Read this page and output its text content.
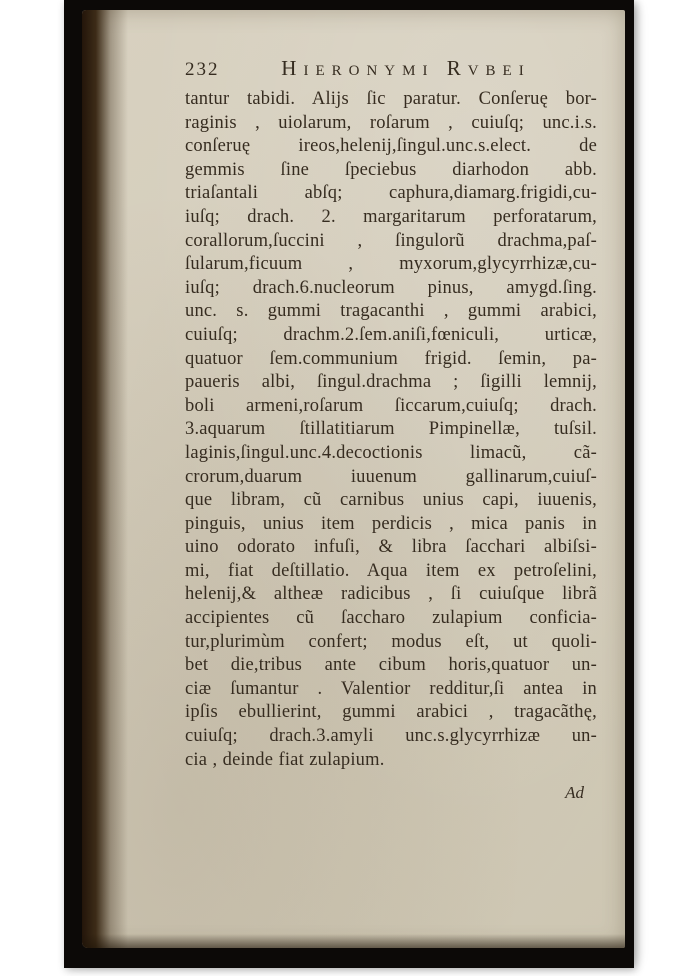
232	Hieronymi Rvbei
tantur tabidi. Alijs ſic paratur. Conſeruę bor-
raginis , uiolarum, roſarum , cuiuſq; unc.i.s.
conſeruę ireos,helenij,ſingul.unc.s.elect. de
gemmis ſine ſpeciebus diarhodon abb.
triaſantali abſq; caphura,diamarg.frigidi,cu-
iuſq; drach. 2. margaritarum perforatarum,
corallorum,ſuccini , ſingulorũ drachma,paſ-
ſularum,ficuum , myxorum,glycyrrhizæ,cu-
iuſq; drach.6.nucleorum pinus, amygd.ſing.
unc. s. gummi tragacanthi , gummi arabici,
cuiuſq; drachm.2.ſem.aniſi,fœniculi, urticæ,
quatuor ſem.communium frigid. ſemin, pa-
paueris albi, ſingul.drachma ; ſigilli lemnij,
boli armeni,roſarum ſiccarum,cuiuſq; drach.
3.aquarum ſtillatitiarum Pimpinellæ, tuſsil.
laginis,ſingul.unc.4.decoctionis limacũ, cã-
crorum,duarum iuuenum gallinarum,cuiuſ-
que libram, cũ carnibus unius capi, iuuenis,
pinguis, unius item perdicis , mica panis in
uino odorato infuſi, & libra ſacchari albiſsi-
mi, fiat deſtillatio. Aqua item ex petroſelini,
helenij,& altheæ radicibus , ſi cuiuſque librã
accipientes cũ ſaccharo zulapium conficia-
tur,plurimùm confert; modus eſt, ut quoli-
bet die,tribus ante cibum horis,quatuor un-
ciæ ſumantur . Valentior redditur,ſi antea in
ipſis ebullierint, gummi arabici , tragacãthę,
cuiuſq; drach.3.amyli unc.s.glycyrrhizæ un-
cia , deinde fiat zulapium.
Ad
